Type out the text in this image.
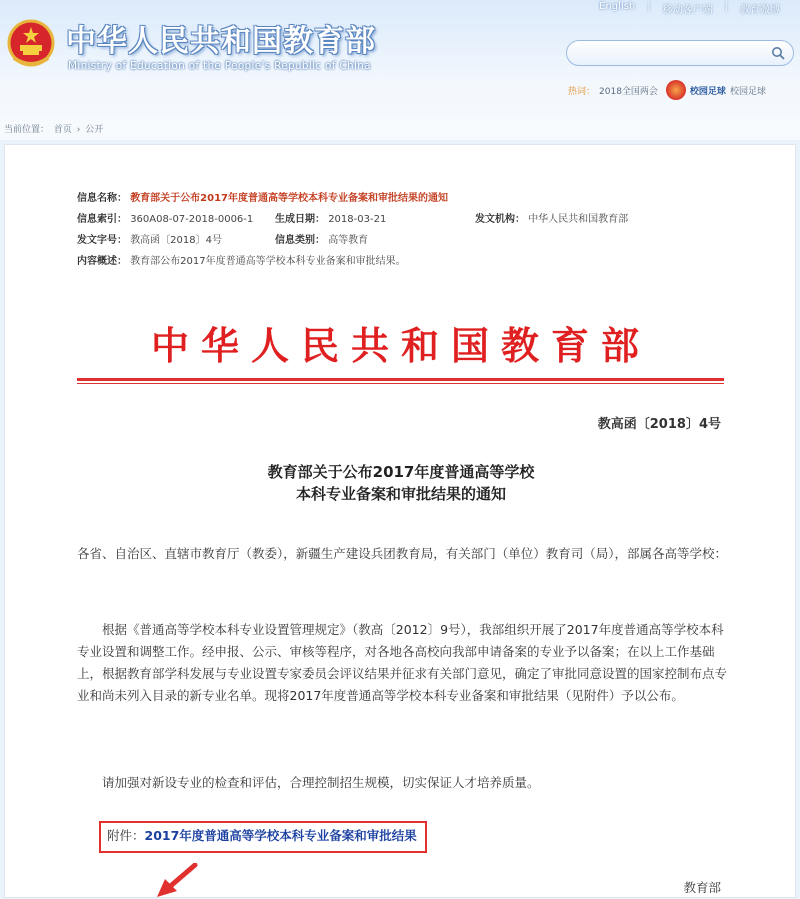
中华人民共和国教育部
Ministry of Education of the People's Republic of China
English | 移动客户端 | 教育微博
热词： 2018全国两会	校园足球 校园足球
当前位置： 首页 › 公开
信息名称： 教育部关于公布2017年度普通高等学校本科专业备案和审批结果的通知
信息索引： 360A08-07-2018-0006-1	生成日期： 2018-03-21	发文机构： 中华人民共和国教育部
发文字号： 教高函〔2018〕4号	信息类别： 高等教育
内容概述： 教育部公布2017年度普通高等学校本科专业备案和审批结果。
中华人民共和国教育部
教高函〔2018〕4号
教育部关于公布2017年度普通高等学校
本科专业备案和审批结果的通知
各省、自治区、直辖市教育厅（教委），新疆生产建设兵团教育局，有关部门（单位）教育司（局），部属各高等学校：
根据《普通高等学校本科专业设置管理规定》（教高〔2012〕9号），我部组织开展了2017年度普通高等学校本科专业设置和调整工作。经申报、公示、审核等程序，对各地各高校向我部申请备案的专业予以备案；在以上工作基础上，根据教育部学科发展与专业设置专家委员会评议结果并征求有关部门意见，确定了审批同意设置的国家控制布点专业和尚未列入目录的新专业名单。现将2017年度普通高等学校本科专业备案和审批结果（见附件）予以公布。
请加强对新设专业的检查和评估，合理控制招生规模，切实保证人才培养质量。
附件：2017年度普通高等学校本科专业备案和审批结果
教育部
